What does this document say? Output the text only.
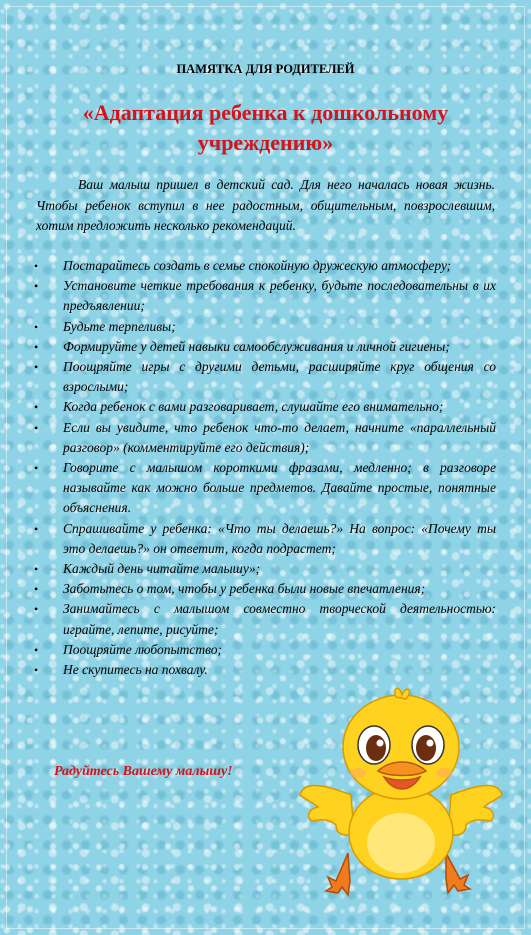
ПАМЯТКА ДЛЯ РОДИТЕЛЕЙ
«Адаптация ребенка к дошкольному учреждению»
Ваш малыш пришел в детский сад. Для него началась новая жизнь. Чтобы ребенок вступил в нее радостным, общительным, повзрослевшим, хотим предложить несколько рекомендаций.
• Постарайтесь создать в семье спокойную дружескую атмосферу;
• Установите четкие требования к ребенку, будьте последовательны в их предъявлении;
• Будьте терпеливы;
• Формируйте у детей навыки самообслуживания и личной гигиены;
• Поощряйте игры с другими детьми, расширяйте круг общения со взрослыми;
• Когда ребенок с вами разговаривает, слушайте его внимательно;
• Если вы увидите, что ребенок что-то делает, начните «параллельный разговор» (комментируйте его действия);
• Говорите с малышом короткими фразами, медленно; в разговоре называйте как можно больше предметов. Давайте простые, понятные объяснения.
• Спрашивайте у ребенка: «Что ты делаешь?» На вопрос: «Почему ты это делаешь?» он ответит, когда подрастет;
• Каждый день читайте малышу»;
• Заботьтесь о том, чтобы у ребенка были новые впечатления;
• Занимайтесь с малышом совместно творческой деятельностью: играйте, лепите, рисуйте;
• Поощряйте любопытство;
• Не скупитесь на похвалу.
Радуйтесь Вашему малышу!
